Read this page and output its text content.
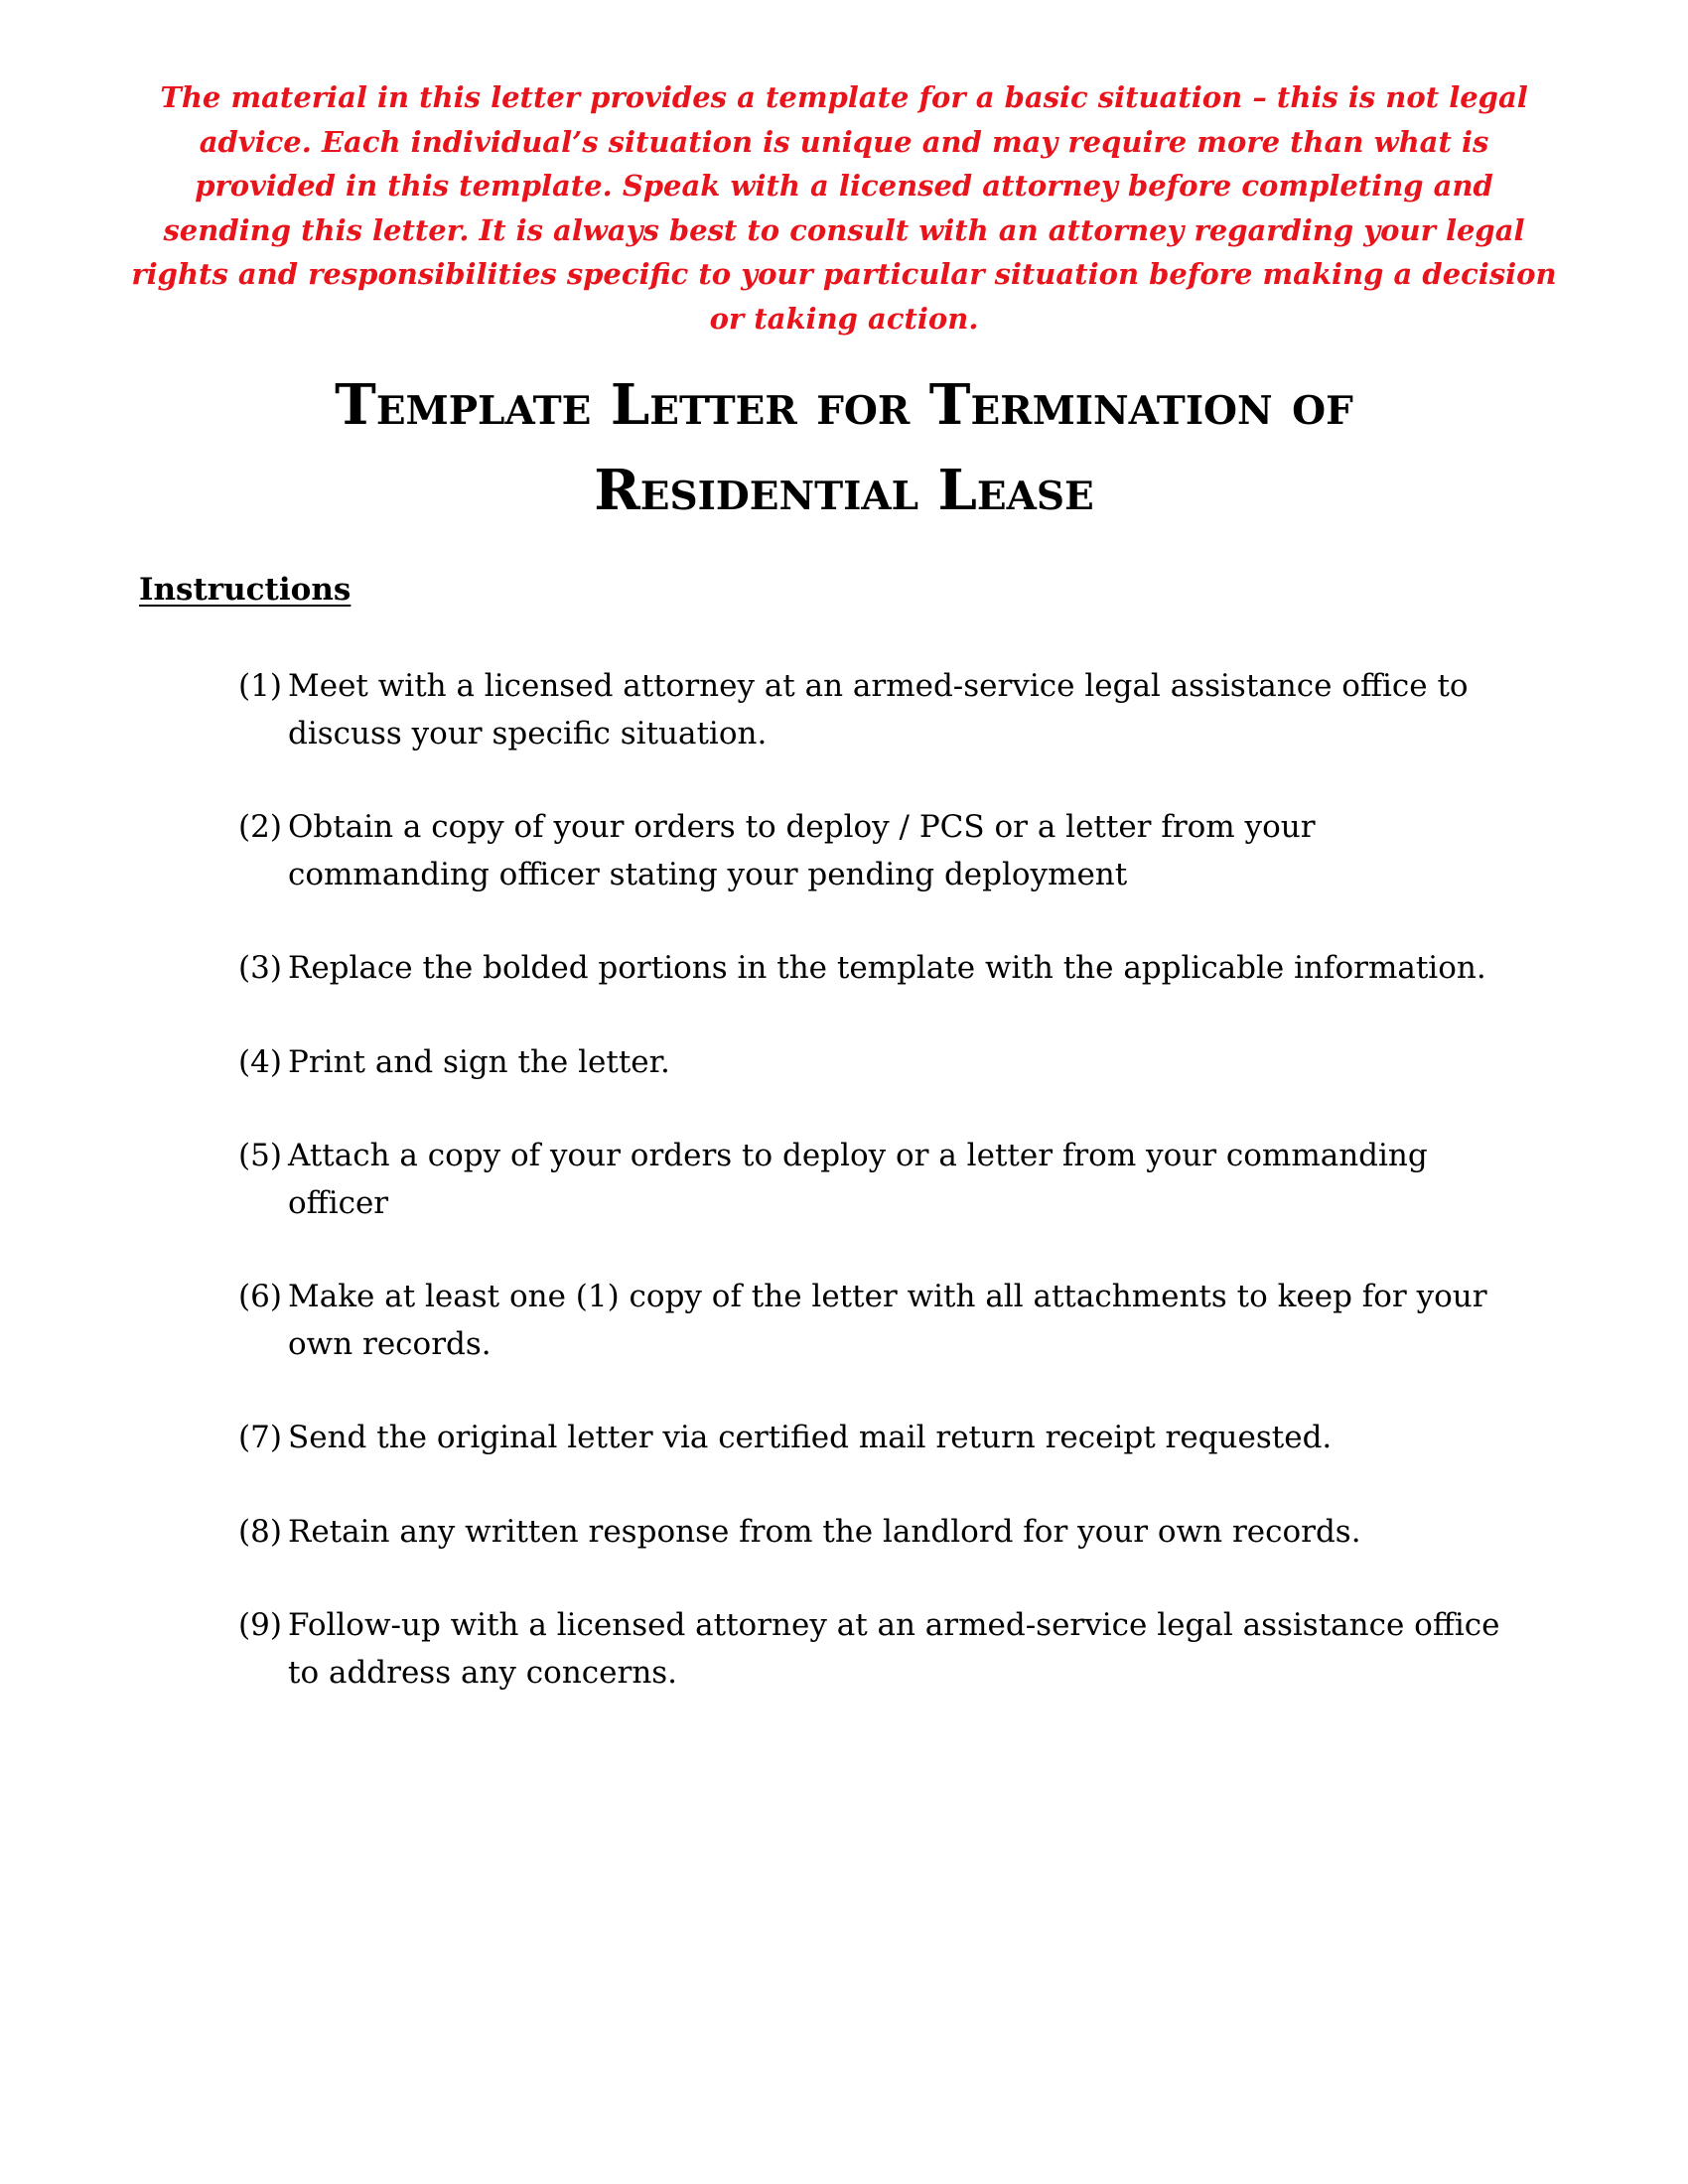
The material in this letter provides a template for a basic situation – this is not legal advice. Each individual’s situation is unique and may require more than what is provided in this template. Speak with a licensed attorney before completing and sending this letter. It is always best to consult with an attorney regarding your legal rights and responsibilities specific to your particular situation before making a decision or taking action.
Template Letter for Termination of
Residential Lease
Instructions
(1) Meet with a licensed attorney at an armed-service legal assistance office to discuss your specific situation.
(2) Obtain a copy of your orders to deploy / PCS or a letter from your commanding officer stating your pending deployment
(3) Replace the bolded portions in the template with the applicable information.
(4) Print and sign the letter.
(5) Attach a copy of your orders to deploy or a letter from your commanding officer
(6) Make at least one (1) copy of the letter with all attachments to keep for your own records.
(7) Send the original letter via certified mail return receipt requested.
(8) Retain any written response from the landlord for your own records.
(9) Follow-up with a licensed attorney at an armed-service legal assistance office to address any concerns.
